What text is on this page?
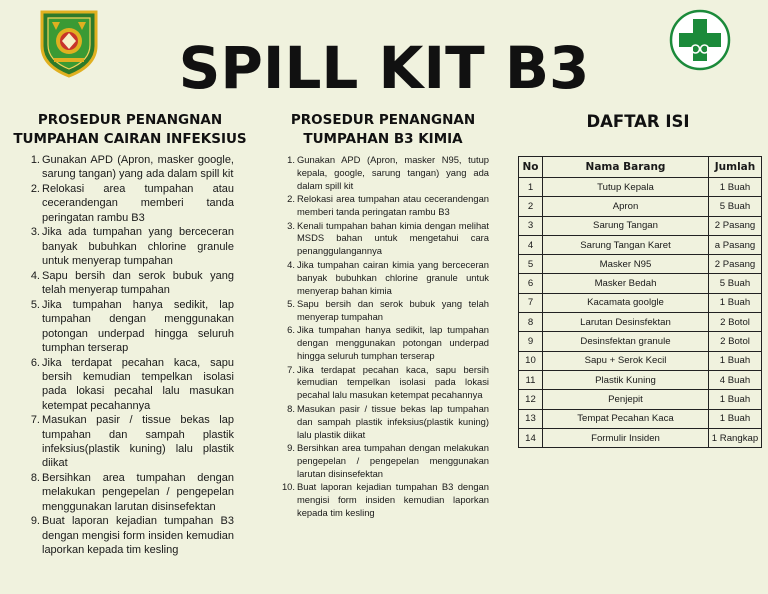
SPILL KIT B3
PROSEDUR PENANGNAN
TUMPAHAN CAIRAN INFEKSIUS
1. Gunakan APD (Apron, masker google, sarung tangan) yang ada dalam spill kit
2. Relokasi area tumpahan atau cecerandengan memberi tanda peringatan rambu B3
3. Jika ada tumpahan yang berceceran banyak bubuhkan chlorine granule untuk menyerap tumpahan
4. Sapu bersih dan serok bubuk yang telah menyerap tumpahan
5. Jika tumpahan hanya sedikit, lap tumpahan dengan menggunakan potongan underpad hingga seluruh tumphan terserap
6. Jika terdapat pecahan kaca, sapu bersih kemudian tempelkan isolasi pada lokasi pecahal lalu masukan ketempat pecahannya
7. Masukan pasir / tissue bekas lap tumpahan dan sampah plastik infeksius(plastik kuning) lalu plastik diikat
8. Bersihkan area tumpahan dengan melakukan pengepelan / pengepelan menggunakan larutan disinsefektan
9. Buat laporan kejadian tumpahan B3 dengan mengisi form insiden kemudian laporkan kepada tim kesling
PROSEDUR PENANGNAN
TUMPAHAN B3 KIMIA
1. Gunakan APD (Apron, masker N95, tutup kepala, google, sarung tangan) yang ada dalam spill kit
2. Relokasi area tumpahan atau cecerandengan memberi tanda peringatan rambu B3
3. Kenali tumpahan bahan kimia dengan melihat MSDS bahan untuk mengetahui cara penanggulangannya
4. Jika tumpahan cairan kimia yang berceceran banyak bubuhkan chlorine granule untuk menyerap bahan kimia
5. Sapu bersih dan serok bubuk yang telah menyerap tumpahan
6. Jika tumpahan hanya sedikit, lap tumpahan dengan menggunakan potongan underpad hingga seluruh tumphan terserap
7. Jika terdapat pecahan kaca, sapu bersih kemudian tempelkan isolasi pada lokasi pecahal lalu masukan ketempat pecahannya
8. Masukan pasir / tissue bekas lap tumpahan dan sampah plastik infeksius(plastik kuning) lalu plastik diikat
9. Bersihkan area tumpahan dengan melakukan pengepelan / pengepelan menggunakan larutan disinsefektan
10. Buat laporan kejadian tumpahan B3 dengan mengisi form insiden kemudian laporkan kepada tim kesling
DAFTAR ISI
No	Nama Barang	Jumlah
1	Tutup Kepala	1 Buah
2	Apron	5 Buah
3	Sarung Tangan	2 Pasang
4	Sarung Tangan Karet	a Pasang
5	Masker N95	2 Pasang
6	Masker Bedah	5 Buah
7	Kacamata goolgle	1 Buah
8	Larutan Desinsfektan	2 Botol
9	Desinsfektan granule	2 Botol
10	Sapu + Serok Kecil	1 Buah
11	Plastik Kuning	4 Buah
12	Penjepit	1 Buah
13	Tempat Pecahan Kaca	1 Buah
14	Formulir Insiden	1 Rangkap
